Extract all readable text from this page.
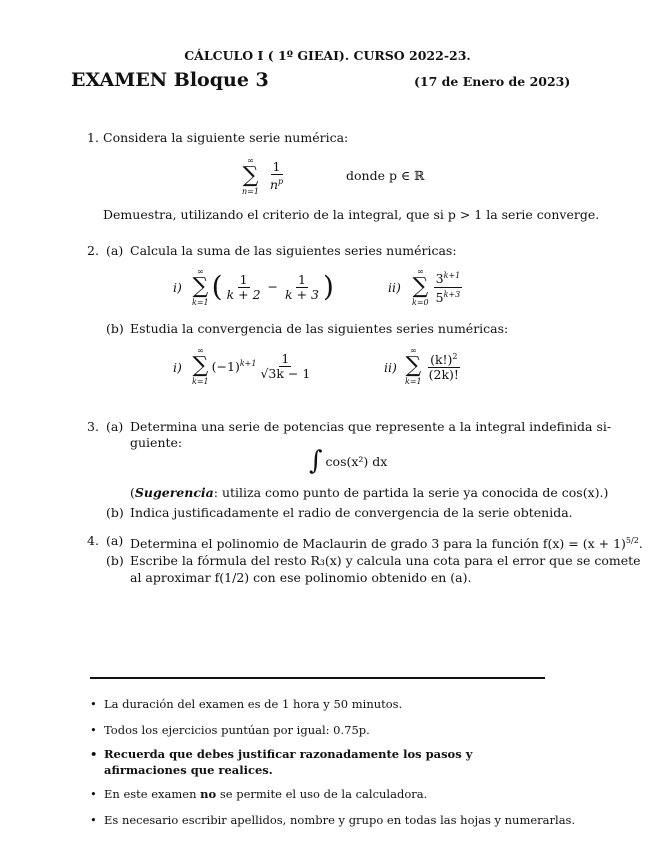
CÁLCULO I ( 1º GIEAI). CURSO 2022-23.
EXAMEN Bloque 3	(17 de Enero de 2023)
1. Considera la siguiente serie numérica:
∞
∑
n=1
$\frac{1}{n^p}$	donde p ∈ ℝ
Demuestra, utilizando el criterio de la integral, que si p > 1 la serie converge.
2. (a) Calcula la suma de las siguientes series numéricas:
i)
∞
∑
k=1 ( $\frac{1}{k + 2} - \frac{1}{k + 3}$ )	ii)
∞
∑
$k=0 \frac{3^{k+1}}{5^{k+3}}$
(b) Estudia la convergencia de las siguientes series numéricas:
i)
∞
∑
k=1
$(-1)^{k+1} \frac{1}{√3k - 1}$	ii)
∞
∑
$k=1 \frac{(k!)^2}{(2k)!}$
3. (a) Determina una serie de potencias que represente a la integral indefinida si-
guiente:
∫ cos(x²) dx
(Sugerencia: utiliza como punto de partida la serie ya conocida de cos(x).)
(b) Indica justificadamente el radio de convergencia de la serie obtenida.
4. (a) Determina el polinomio de Maclaurin de grado 3 para la función $f(x) = (x + 1)^{5/2}$.
(b) Escribe la fórmula del resto R₃(x) y calcula una cota para el error que se comete
al aproximar f(1/2) con ese polinomio obtenido en (a).
• La duración del examen es de 1 hora y 50 minutos.
• Todos los ejercicios puntúan por igual: 0.75p.
• Recuerda que debes justificar razonadamente los pasos y afirmaciones que realices.
• En este examen no se permite el uso de la calculadora.
• Es necesario escribir apellidos, nombre y grupo en todas las hojas y numerarlas.
